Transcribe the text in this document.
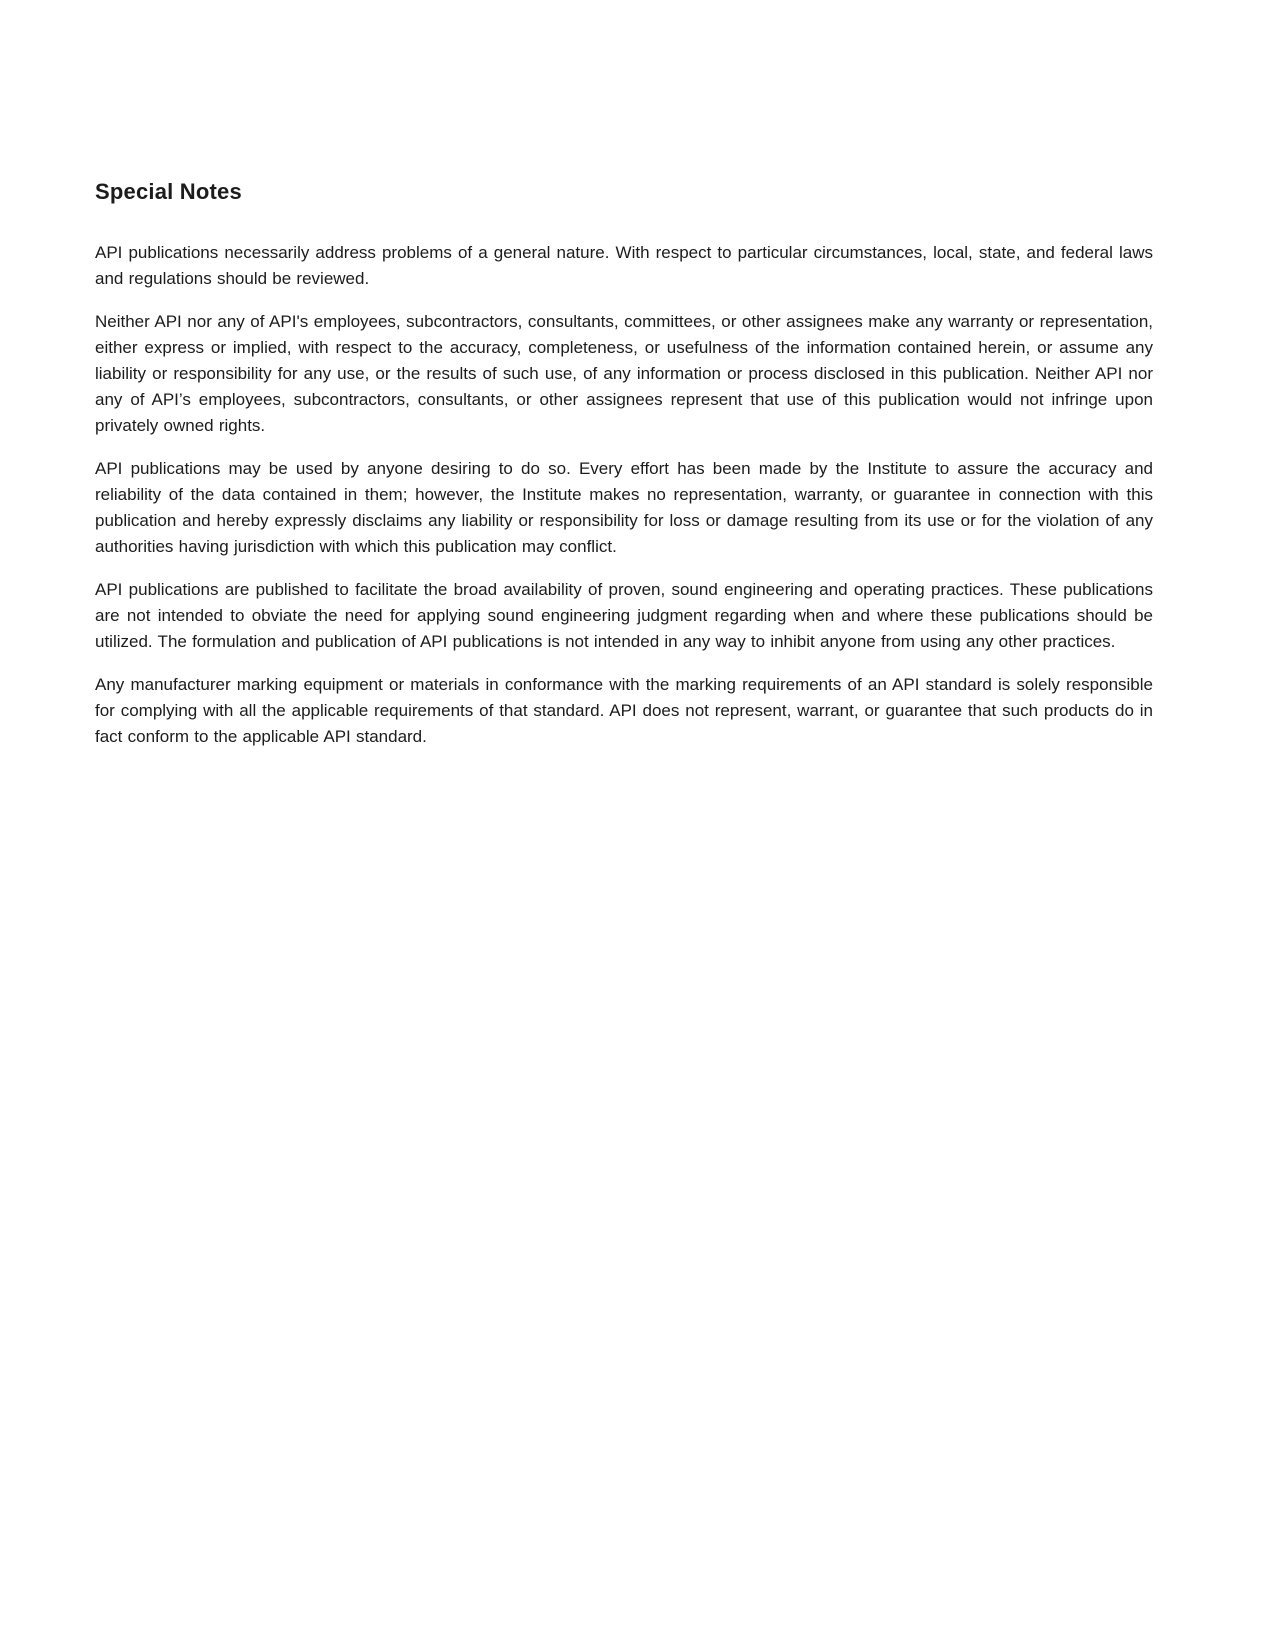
Special Notes

API publications necessarily address problems of a general nature. With respect to particular circumstances, local, state, and federal laws and regulations should be reviewed.

Neither API nor any of API's employees, subcontractors, consultants, committees, or other assignees make any warranty or representation, either express or implied, with respect to the accuracy, completeness, or usefulness of the information contained herein, or assume any liability or responsibility for any use, or the results of such use, of any information or process disclosed in this publication. Neither API nor any of API’s employees, subcontractors, consultants, or other assignees represent that use of this publication would not infringe upon privately owned rights.

API publications may be used by anyone desiring to do so. Every effort has been made by the Institute to assure the accuracy and reliability of the data contained in them; however, the Institute makes no representation, warranty, or guarantee in connection with this publication and hereby expressly disclaims any liability or responsibility for loss or damage resulting from its use or for the violation of any authorities having jurisdiction with which this publication may conflict.

API publications are published to facilitate the broad availability of proven, sound engineering and operating practices. These publications are not intended to obviate the need for applying sound engineering judgment regarding when and where these publications should be utilized. The formulation and publication of API publications is not intended in any way to inhibit anyone from using any other practices.

Any manufacturer marking equipment or materials in conformance with the marking requirements of an API standard is solely responsible for complying with all the applicable requirements of that standard. API does not represent, warrant, or guarantee that such products do in fact conform to the applicable API standard.
